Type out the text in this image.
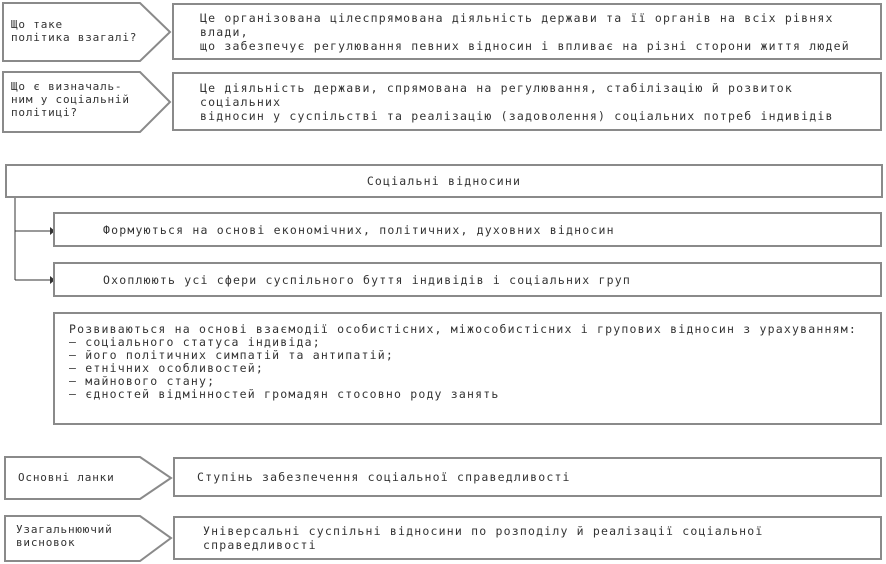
Що таке
політика взагалі?
Це організована цілеспрямована діяльність держави та її органів на всіх рівнях влади,
що забезпечує регулювання певних відносин і впливає на різні сторони життя людей
Що є визначаль-
ним у соціальній
політиці?
Це діяльність держави, спрямована на регулювання, стабілізацію й розвиток соціальних
відносин у суспільстві та реалізацію (задоволення) соціальних потреб індивідів
Соціальні відносини
Формуються на основі економічних, політичних, духовних відносин
Охоплюють усі сфери суспільного буття індивідів і соціальних груп
Розвиваються на основі взаємодії особистісних, міжособистісних і групових відносин з урахуванням:
– соціального статуса індивіда;
– його політичних симпатій та антипатій;
– етнічних особливостей;
– майнового стану;
– єдностей відмінностей громадян стосовно роду занять
Основні ланки	Ступінь забезпечення соціальної справедливості
Узагальнюючий
висновок
Універсальні суспільні відносини по розподілу й реалізації соціальної справедливості
